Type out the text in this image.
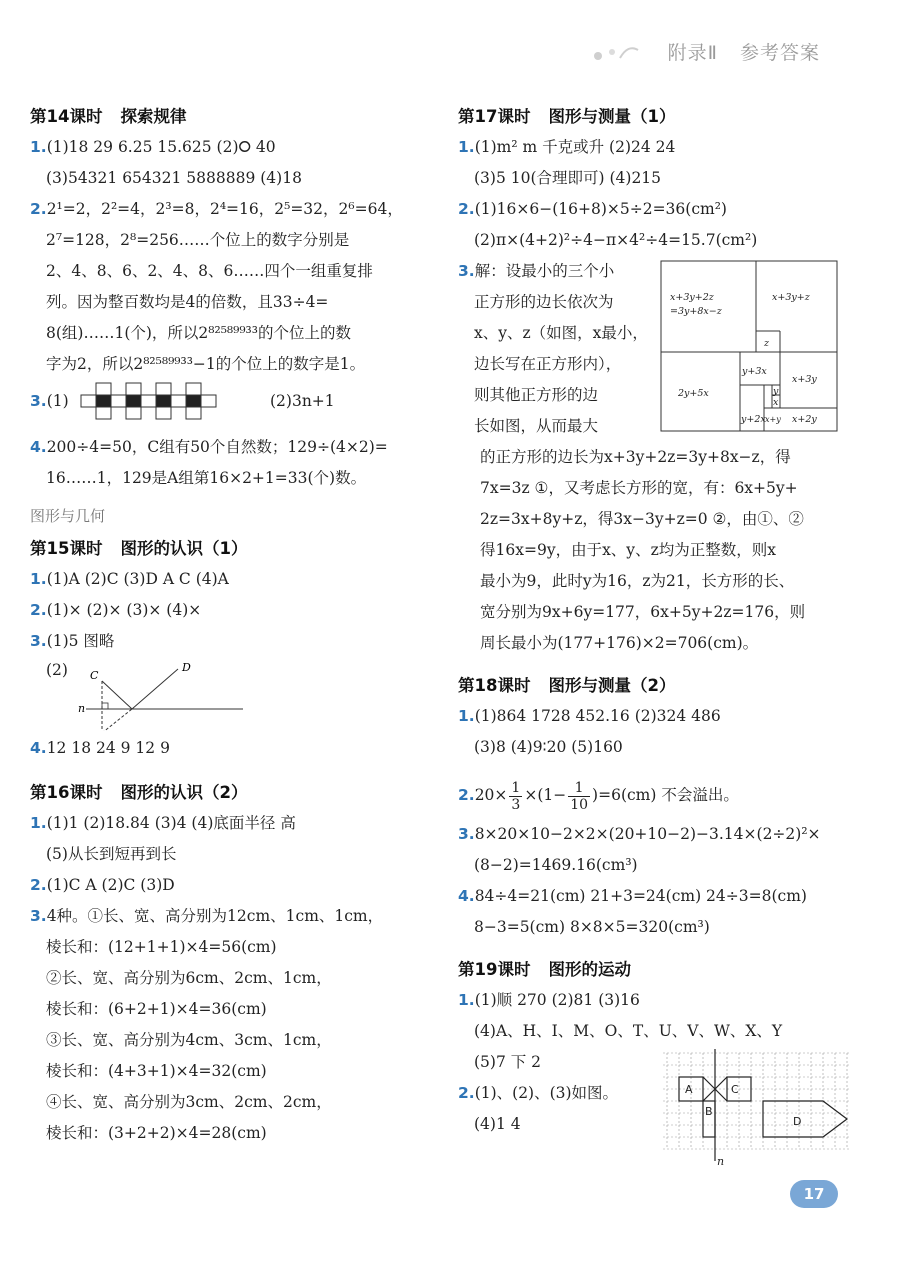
附录Ⅱ 参考答案
第14课时 探索规律
1.(1)18 29 6.25 15.625 (2)⭘ 40
(3)54321 654321 5888889 (4)18
2.2¹=2，2²=4，2³=8，2⁴=16，2⁵=32，2⁶=64，
2⁷=128，2⁸=256……个位上的数字分别是
2、4、8、6、2、4、8、6……四个一组重复排
列。因为整百数均是4的倍数，且33÷4=
8(组)……1(个)，所以2⁸²⁵⁸⁹⁹³³的个位上的数
字为2，所以2⁸²⁵⁸⁹⁹³³−1的个位上的数字是1。
3.(1)	(2)3n+1
4.200÷4=50，C组有50个自然数；129÷(4×2)=
16……1，129是A组第16×2+1=33(个)数。
图形与几何
第15课时 图形的认识（1）
1.(1)A (2)C (3)D A C (4)A
2.(1)× (2)× (3)× (4)×
3.(1)5 图略
(2) C
D
n
4.12 18 24 9 12 9
第16课时 图形的认识（2）
1.(1)1 (2)18.84 (3)4 (4)底面半径 高
(5)从长到短再到长
2.(1)C A (2)C (3)D
3.4种。①长、宽、高分别为12cm、1cm、1cm，
棱长和：(12+1+1)×4=56(cm)
②长、宽、高分别为6cm、2cm、1cm，
棱长和：(6+2+1)×4=36(cm)
③长、宽、高分别为4cm、3cm、1cm，
棱长和：(4+3+1)×4=32(cm)
④长、宽、高分别为3cm、2cm、2cm，
棱长和：(3+2+2)×4=28(cm)
第17课时 图形与测量（1）
1.(1)m² m 千克或升 (2)24 24
(3)5 10(合理即可) (4)215
2.(1)16×6−(16+8)×5÷2=36(cm²)
(2)π×(4+2)²÷4−π×4²÷4=15.7(cm²)
3.解：设最小的三个小
正方形的边长依次为
x、y、z（如图，x最小，
边长写在正方形内），
则其他正方形的边
长如图，从而最大
x+3y+2z
=3y+8x−z
x+3y+z
z
x+3y
y+3x
2y+5x	y
x
y+2x x+y x+2y
的正方形的边长为x+3y+2z=3y+8x−z，得
7x=3z ①，又考虑长方形的宽，有：6x+5y+
2z=3x+8y+z，得3x−3y+z=0 ②，由①、②
得16x=9y，由于x、y、z均为正整数，则x
最小为9，此时y为16，z为21，长方形的长、
宽分别为9x+6y=177，6x+5y+2z=176，则
周长最小为(177+176)×2=706(cm)。
第18课时 图形与测量（2）
1.(1)864 1728 452.16 (2)324 486
(3)8 (4)9∶20 (5)160
$2.20\times \frac{1}{3} \times(1- \frac{1}{10} )=6(cm)$ 不会溢出。
3.8×20×10−2×2×(20+10−2)−3.14×(2÷2)²×
(8−2)=1469.16(cm³)
4.84÷4=21(cm) 21+3=24(cm) 24÷3=8(cm)
8−3=5(cm) 8×8×5=320(cm³)
第19课时 图形的运动
1.(1)顺 270 (2)81 (3)16
(4)A、H、I、M、O、T、U、V、W、X、Y
(5)7 下 2
2.(1)、(2)、(3)如图。
(4)1 4
A
B
C
D
n
17
